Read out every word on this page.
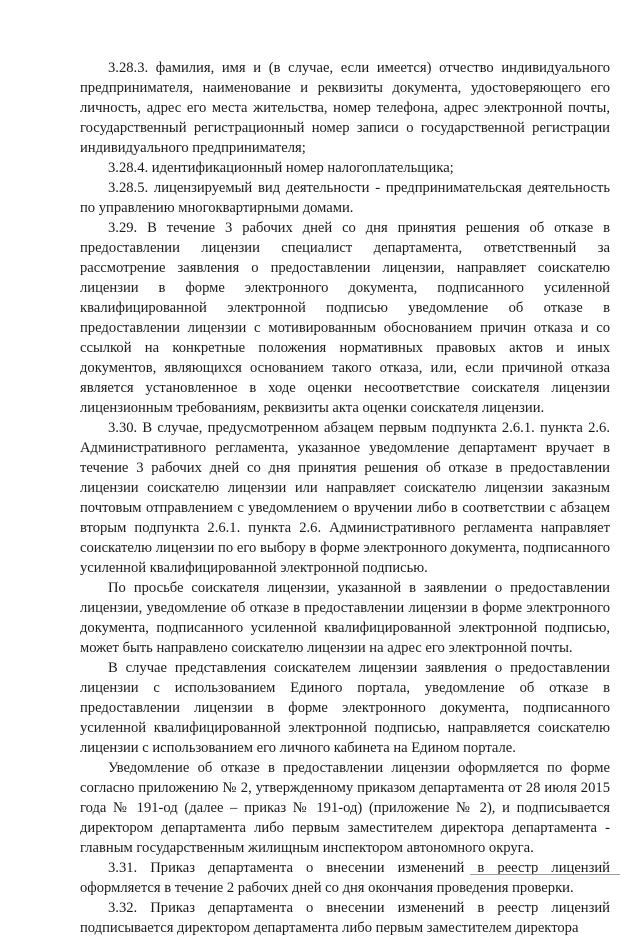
3.28.3. фамилия, имя и (в случае, если имеется) отчество индивидуального предпринимателя, наименование и реквизиты документа, удостоверяющего его личность, адрес его места жительства, номер телефона, адрес электронной почты, государственный регистрационный номер записи о государственной регистрации индивидуального предпринимателя;

3.28.4. идентификационный номер налогоплательщика;

3.28.5. лицензируемый вид деятельности - предпринимательская деятельность по управлению многоквартирными домами.

3.29. В течение 3 рабочих дней со дня принятия решения об отказе в предоставлении лицензии специалист департамента, ответственный за рассмотрение заявления о предоставлении лицензии, направляет соискателю лицензии в форме электронного документа, подписанного усиленной квалифицированной электронной подписью уведомление об отказе в предоставлении лицензии с мотивированным обоснованием причин отказа и со ссылкой на конкретные положения нормативных правовых актов и иных документов, являющихся основанием такого отказа, или, если причиной отказа является установленное в ходе оценки несоответствие соискателя лицензии лицензионным требованиям, реквизиты акта оценки соискателя лицензии.

3.30. В случае, предусмотренном абзацем первым подпункта 2.6.1. пункта 2.6. Административного регламента, указанное уведомление департамент вручает в течение 3 рабочих дней со дня принятия решения об отказе в предоставлении лицензии соискателю лицензии или направляет соискателю лицензии заказным почтовым отправлением с уведомлением о вручении либо в соответствии с абзацем вторым подпункта 2.6.1. пункта 2.6. Административного регламента направляет соискателю лицензии по его выбору в форме электронного документа, подписанного усиленной квалифицированной электронной подписью.

По просьбе соискателя лицензии, указанной в заявлении о предоставлении лицензии, уведомление об отказе в предоставлении лицензии в форме электронного документа, подписанного усиленной квалифицированной электронной подписью, может быть направлено соискателю лицензии на адрес его электронной почты.

В случае представления соискателем лицензии заявления о предоставлении лицензии с использованием Единого портала, уведомление об отказе в предоставлении лицензии в форме электронного документа, подписанного усиленной квалифицированной электронной подписью, направляется соискателю лицензии с использованием его личного кабинета на Едином портале.

Уведомление об отказе в предоставлении лицензии оформляется по форме согласно приложению № 2, утвержденному приказом департамента от 28 июля 2015 года № 191-од (далее – приказ № 191-од) (приложение № 2), и подписывается директором департамента либо первым заместителем директора департамента - главным государственным жилищным инспектором автономного округа.

3.31. Приказ департамента о внесении изменений в реестр лицензий оформляется в течение 2 рабочих дней со дня окончания проведения проверки.

3.32. Приказ департамента о внесении изменений в реестр лицензий подписывается директором департамента либо первым заместителем директора
